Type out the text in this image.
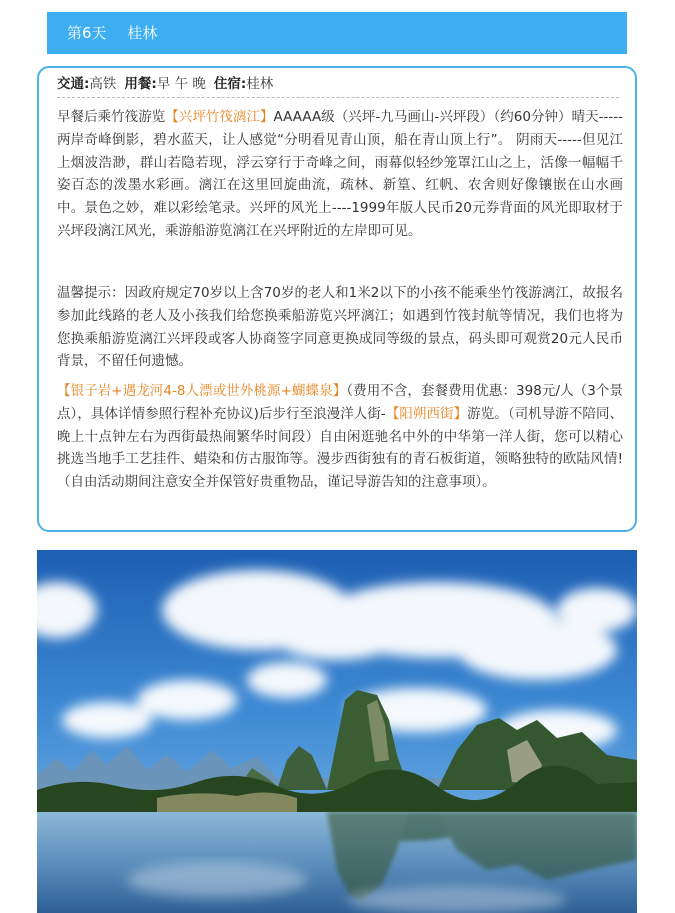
第6天 桂林
交通:高铁 用餐:早 午 晚 住宿:桂林

早餐后乘竹筏游览【兴坪竹筏漓江】AAAAA级（兴坪-九马画山-兴坪段）（约60分钟）晴天-----两岸奇峰倒影，碧水蓝天，让人感觉“分明看见青山顶，船在青山顶上行”。 阴雨天-----但见江上烟波浩渺，群山若隐若现，浮云穿行于奇峰之间，雨幕似轻纱笼罩江山之上，活像一幅幅千姿百态的泼墨水彩画。漓江在这里回旋曲流，疏林、新篁、红帆、农舍则好像镶嵌在山水画中。景色之妙，难以彩绘笔录。兴坪的风光上----1999年版人民币20元券背面的风光即取材于兴坪段漓江风光，乘游船游览漓江在兴坪附近的左岸即可见。

温馨提示：因政府规定70岁以上含70岁的老人和1米2以下的小孩不能乘坐竹筏游漓江，故报名参加此线路的老人及小孩我们给您换乘船游览兴坪漓江；如遇到竹筏封航等情况，我们也将为您换乘船游览漓江兴坪段或客人协商签字同意更换成同等级的景点，码头即可观赏20元人民币背景，不留任何遗憾。

【银子岩+遇龙河4-8人漂或世外桃源+蝴蝶泉】（费用不含，套餐费用优惠：398元/人（3个景点），具体详情参照行程补充协议)后步行至浪漫洋人街-【阳朔西街】游览。（司机导游不陪同、晚上十点钟左右为西街最热闹繁华时间段）自由闲逛驰名中外的中华第一洋人街，您可以精心挑选当地手工艺挂件、蜡染和仿古服饰等。漫步西街独有的青石板街道，领略独特的欧陆风情!（自由活动期间注意安全并保管好贵重物品，谨记导游告知的注意事项）。
